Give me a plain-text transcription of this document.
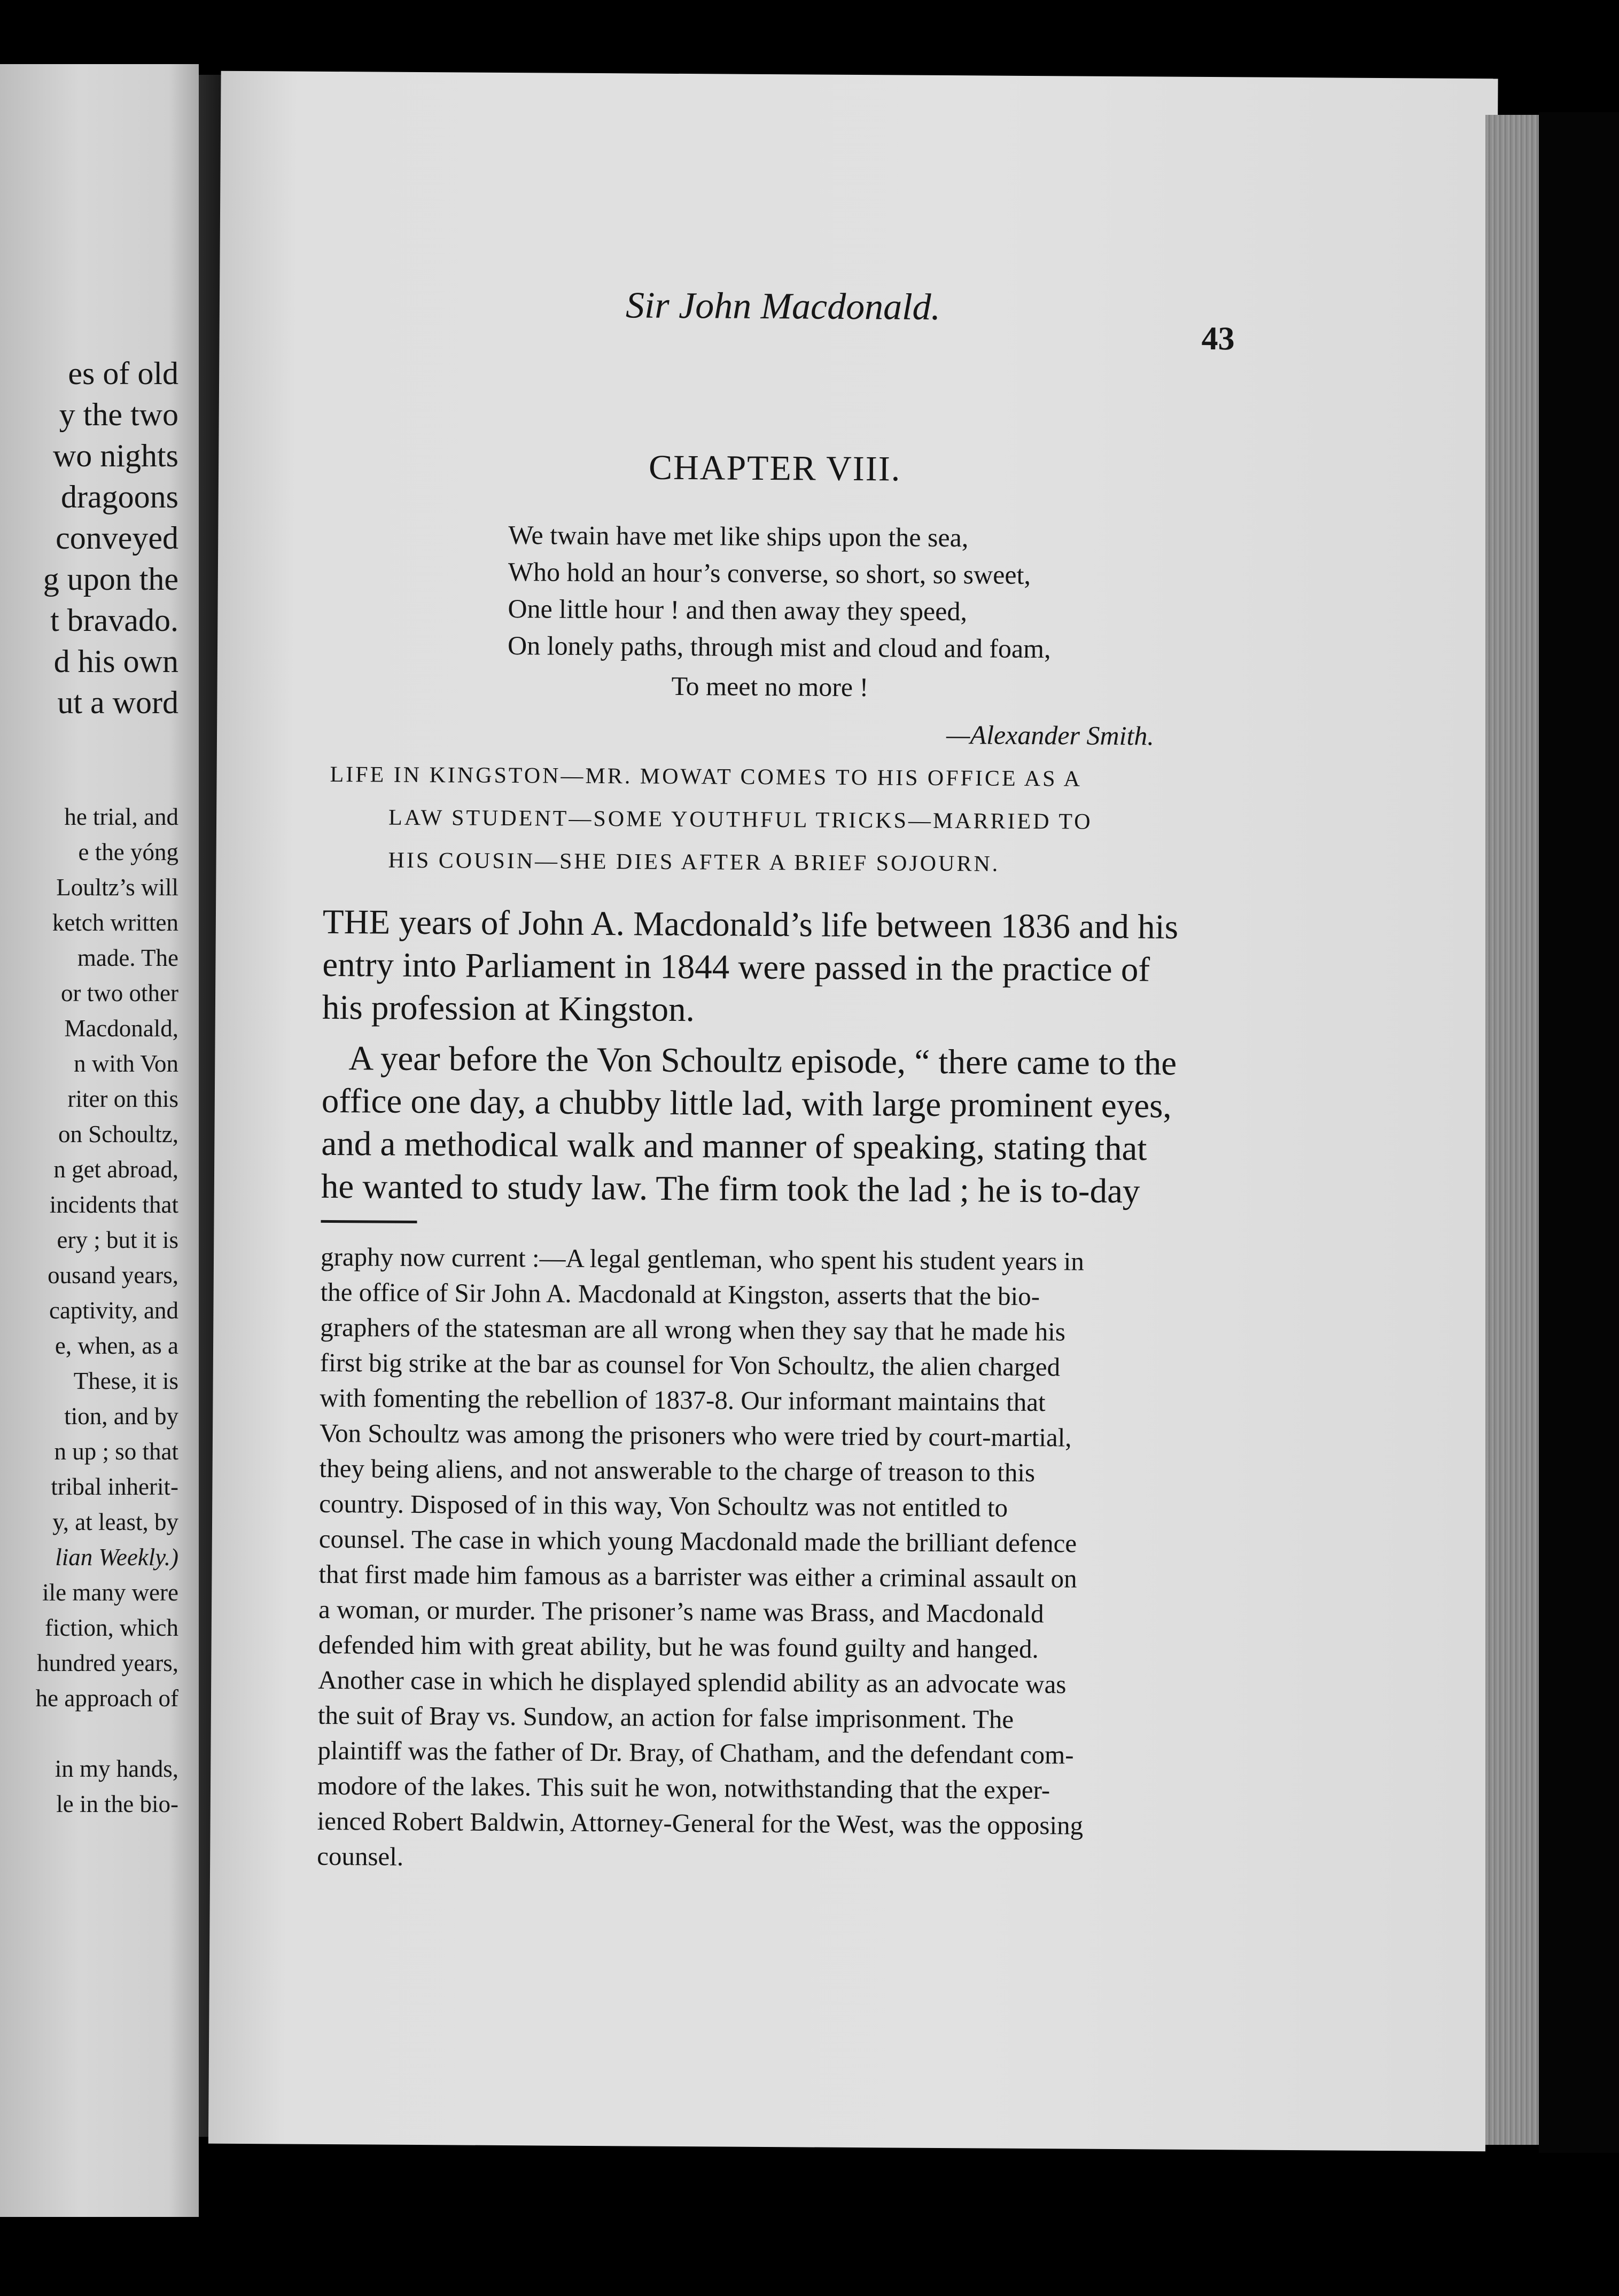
es of old
y the two
wo nights
dragoons
conveyed
g upon the
t bravado.
d his own
ut a word
he trial, and
e the yóng
Loultz’s will
ketch written
made. The
or two other
Macdonald,
n with Von
riter on this
on Schoultz,
n get abroad,
incidents that
ery ; but it is
ousand years,
captivity, and
e, when, as a
These, it is
tion, and by
n up ; so that
tribal inherit-
y, at least, by
lian Weekly.)
ile many were
fiction, which
hundred years,
he approach of
in my hands,
le in the bio-
Sir John Macdonald.
43
CHAPTER VIII.
We twain have met like ships upon the sea,
Who hold an hour’s converse, so short, so sweet,
One little hour ! and then away they speed,
On lonely paths, through mist and cloud and foam,
To meet no more !
—Alexander Smith.
LIFE IN KINGSTON—MR. MOWAT COMES TO HIS OFFICE AS A
LAW STUDENT—SOME YOUTHFUL TRICKS—MARRIED TO
HIS COUSIN—SHE DIES AFTER A BRIEF SOJOURN.
THE years of John A. Macdonald’s life between 1836 and his
entry into Parliament in 1844 were passed in the practice of
his profession at Kingston.
A year before the Von Schoultz episode, “ there came to the
office one day, a chubby little lad, with large prominent eyes,
and a methodical walk and manner of speaking, stating that
he wanted to study law. The firm took the lad ; he is to-day
graphy now current :—A legal gentleman, who spent his student years in
the office of Sir John A. Macdonald at Kingston, asserts that the bio-
graphers of the statesman are all wrong when they say that he made his
first big strike at the bar as counsel for Von Schoultz, the alien charged
with fomenting the rebellion of 1837-8. Our informant maintains that
Von Schoultz was among the prisoners who were tried by court-martial,
they being aliens, and not answerable to the charge of treason to this
country. Disposed of in this way, Von Schoultz was not entitled to
counsel. The case in which young Macdonald made the brilliant defence
that first made him famous as a barrister was either a criminal assault on
a woman, or murder. The prisoner’s name was Brass, and Macdonald
defended him with great ability, but he was found guilty and hanged.
Another case in which he displayed splendid ability as an advocate was
the suit of Bray vs. Sundow, an action for false imprisonment. The
plaintiff was the father of Dr. Bray, of Chatham, and the defendant com-
modore of the lakes. This suit he won, notwithstanding that the exper-
ienced Robert Baldwin, Attorney-General for the West, was the opposing
counsel.
